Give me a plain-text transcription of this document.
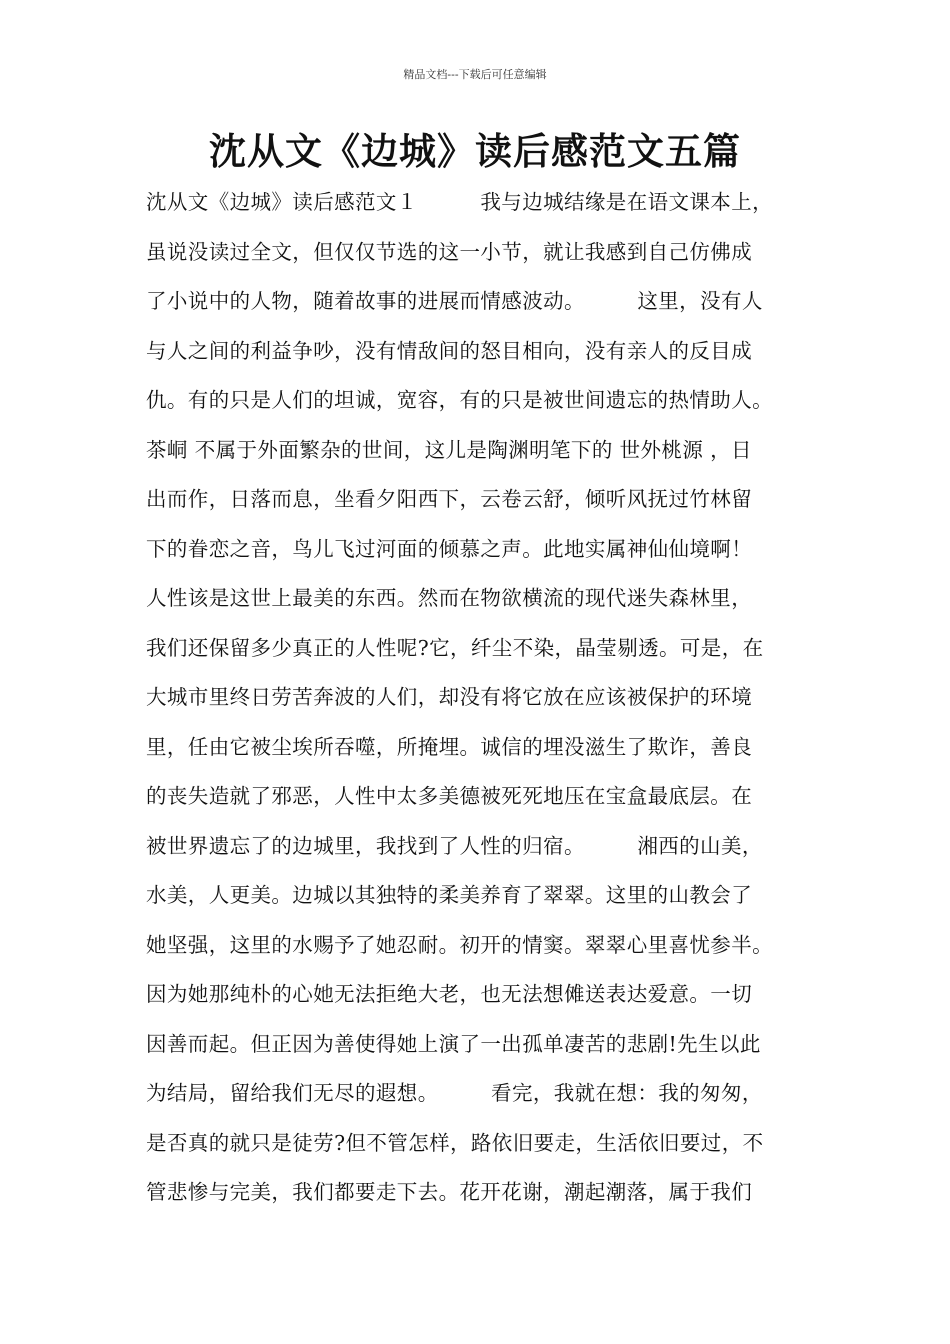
精品文档---下载后可任意编辑
沈从文《边城》读后感范文五篇
沈从文《边城》读后感范文１　　　我与边城结缘是在语文课本上，
虽说没读过全文，但仅仅节选的这一小节，就让我感到自己仿佛成
了小说中的人物，随着故事的进展而情感波动。　　　这里，没有人
与人之间的利益争吵，没有情敌间的怒目相向，没有亲人的反目成
仇。有的只是人们的坦诚，宽容，有的只是被世间遗忘的热情助人。
茶峒 不属于外面繁杂的世间，这儿是陶渊明笔下的 世外桃源 ，日
出而作，日落而息，坐看夕阳西下，云卷云舒，倾听风抚过竹林留
下的眷恋之音，鸟儿飞过河面的倾慕之声。此地实属神仙仙境啊！
人性该是这世上最美的东西。然而在物欲横流的现代迷失森林里，
我们还保留多少真正的人性呢?它，纤尘不染，晶莹剔透。可是，在
大城市里终日劳苦奔波的人们，却没有将它放在应该被保护的环境
里，任由它被尘埃所吞噬，所掩埋。诚信的埋没滋生了欺诈，善良
的丧失造就了邪恶，人性中太多美德被死死地压在宝盒最底层。在
被世界遗忘了的边城里，我找到了人性的归宿。　　　湘西的山美，
水美，人更美。边城以其独特的柔美养育了翠翠。这里的山教会了
她坚强，这里的水赐予了她忍耐。初开的情窦。翠翠心里喜忧参半。
因为她那纯朴的心她无法拒绝大老，也无法想傩送表达爱意。一切
因善而起。但正因为善使得她上演了一出孤单凄苦的悲剧!先生以此
为结局，留给我们无尽的遐想。　　　看完，我就在想：我的匆匆，
是否真的就只是徒劳?但不管怎样，路依旧要走，生活依旧要过，不
管悲惨与完美，我们都要走下去。花开花谢，潮起潮落，属于我们
